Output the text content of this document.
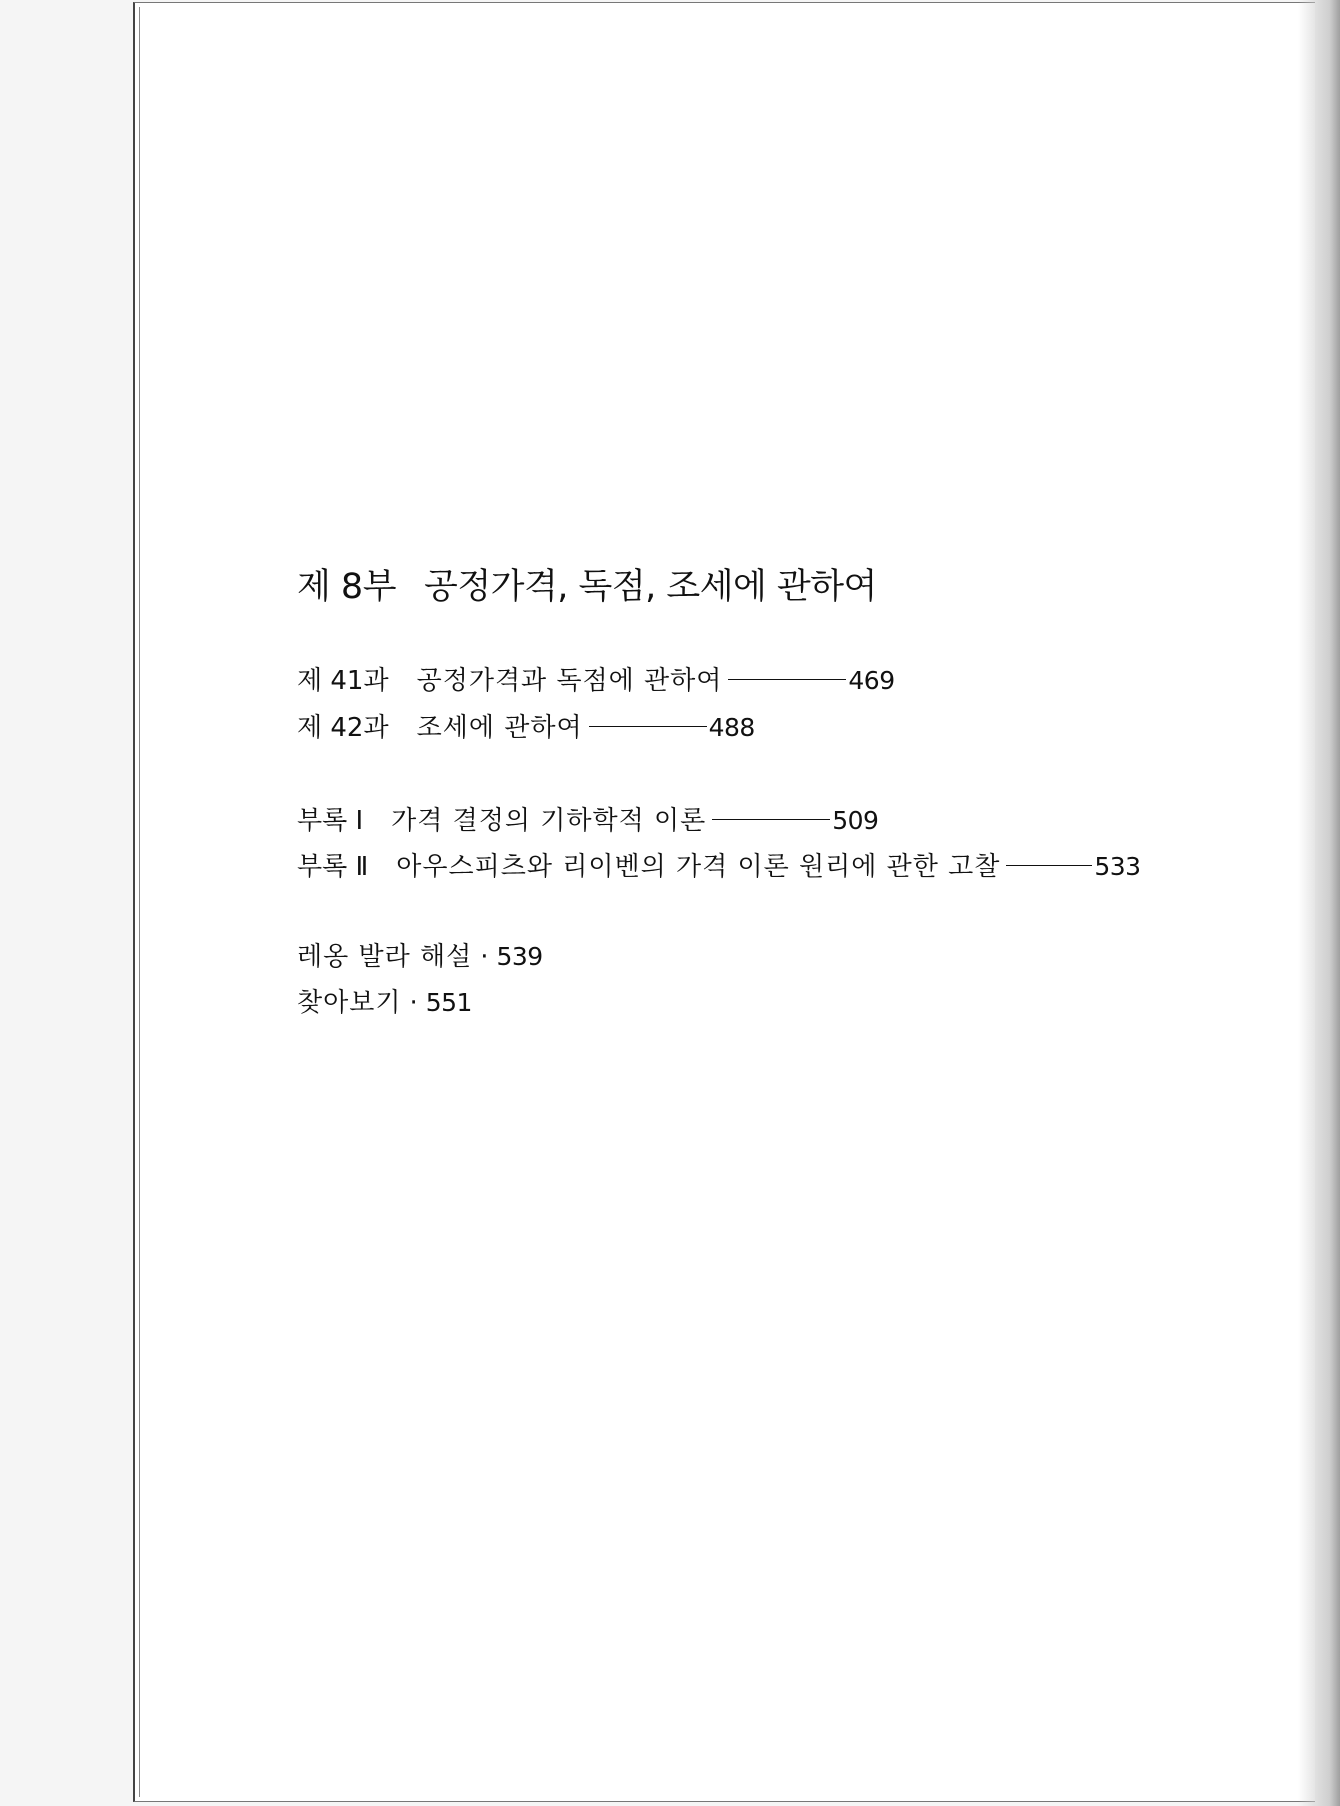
제 8부 공정가격, 독점, 조세에 관하여
제 41과 공정가격과 독점에 관하여	469
제 42과 조세에 관하여	488
부록 Ⅰ 가격 결정의 기하학적 이론	509
부록 Ⅱ 아우스피츠와 리이벤의 가격 이론 원리에 관한 고찰	533
레옹 발라 해설 · 539
찾아보기 · 551
